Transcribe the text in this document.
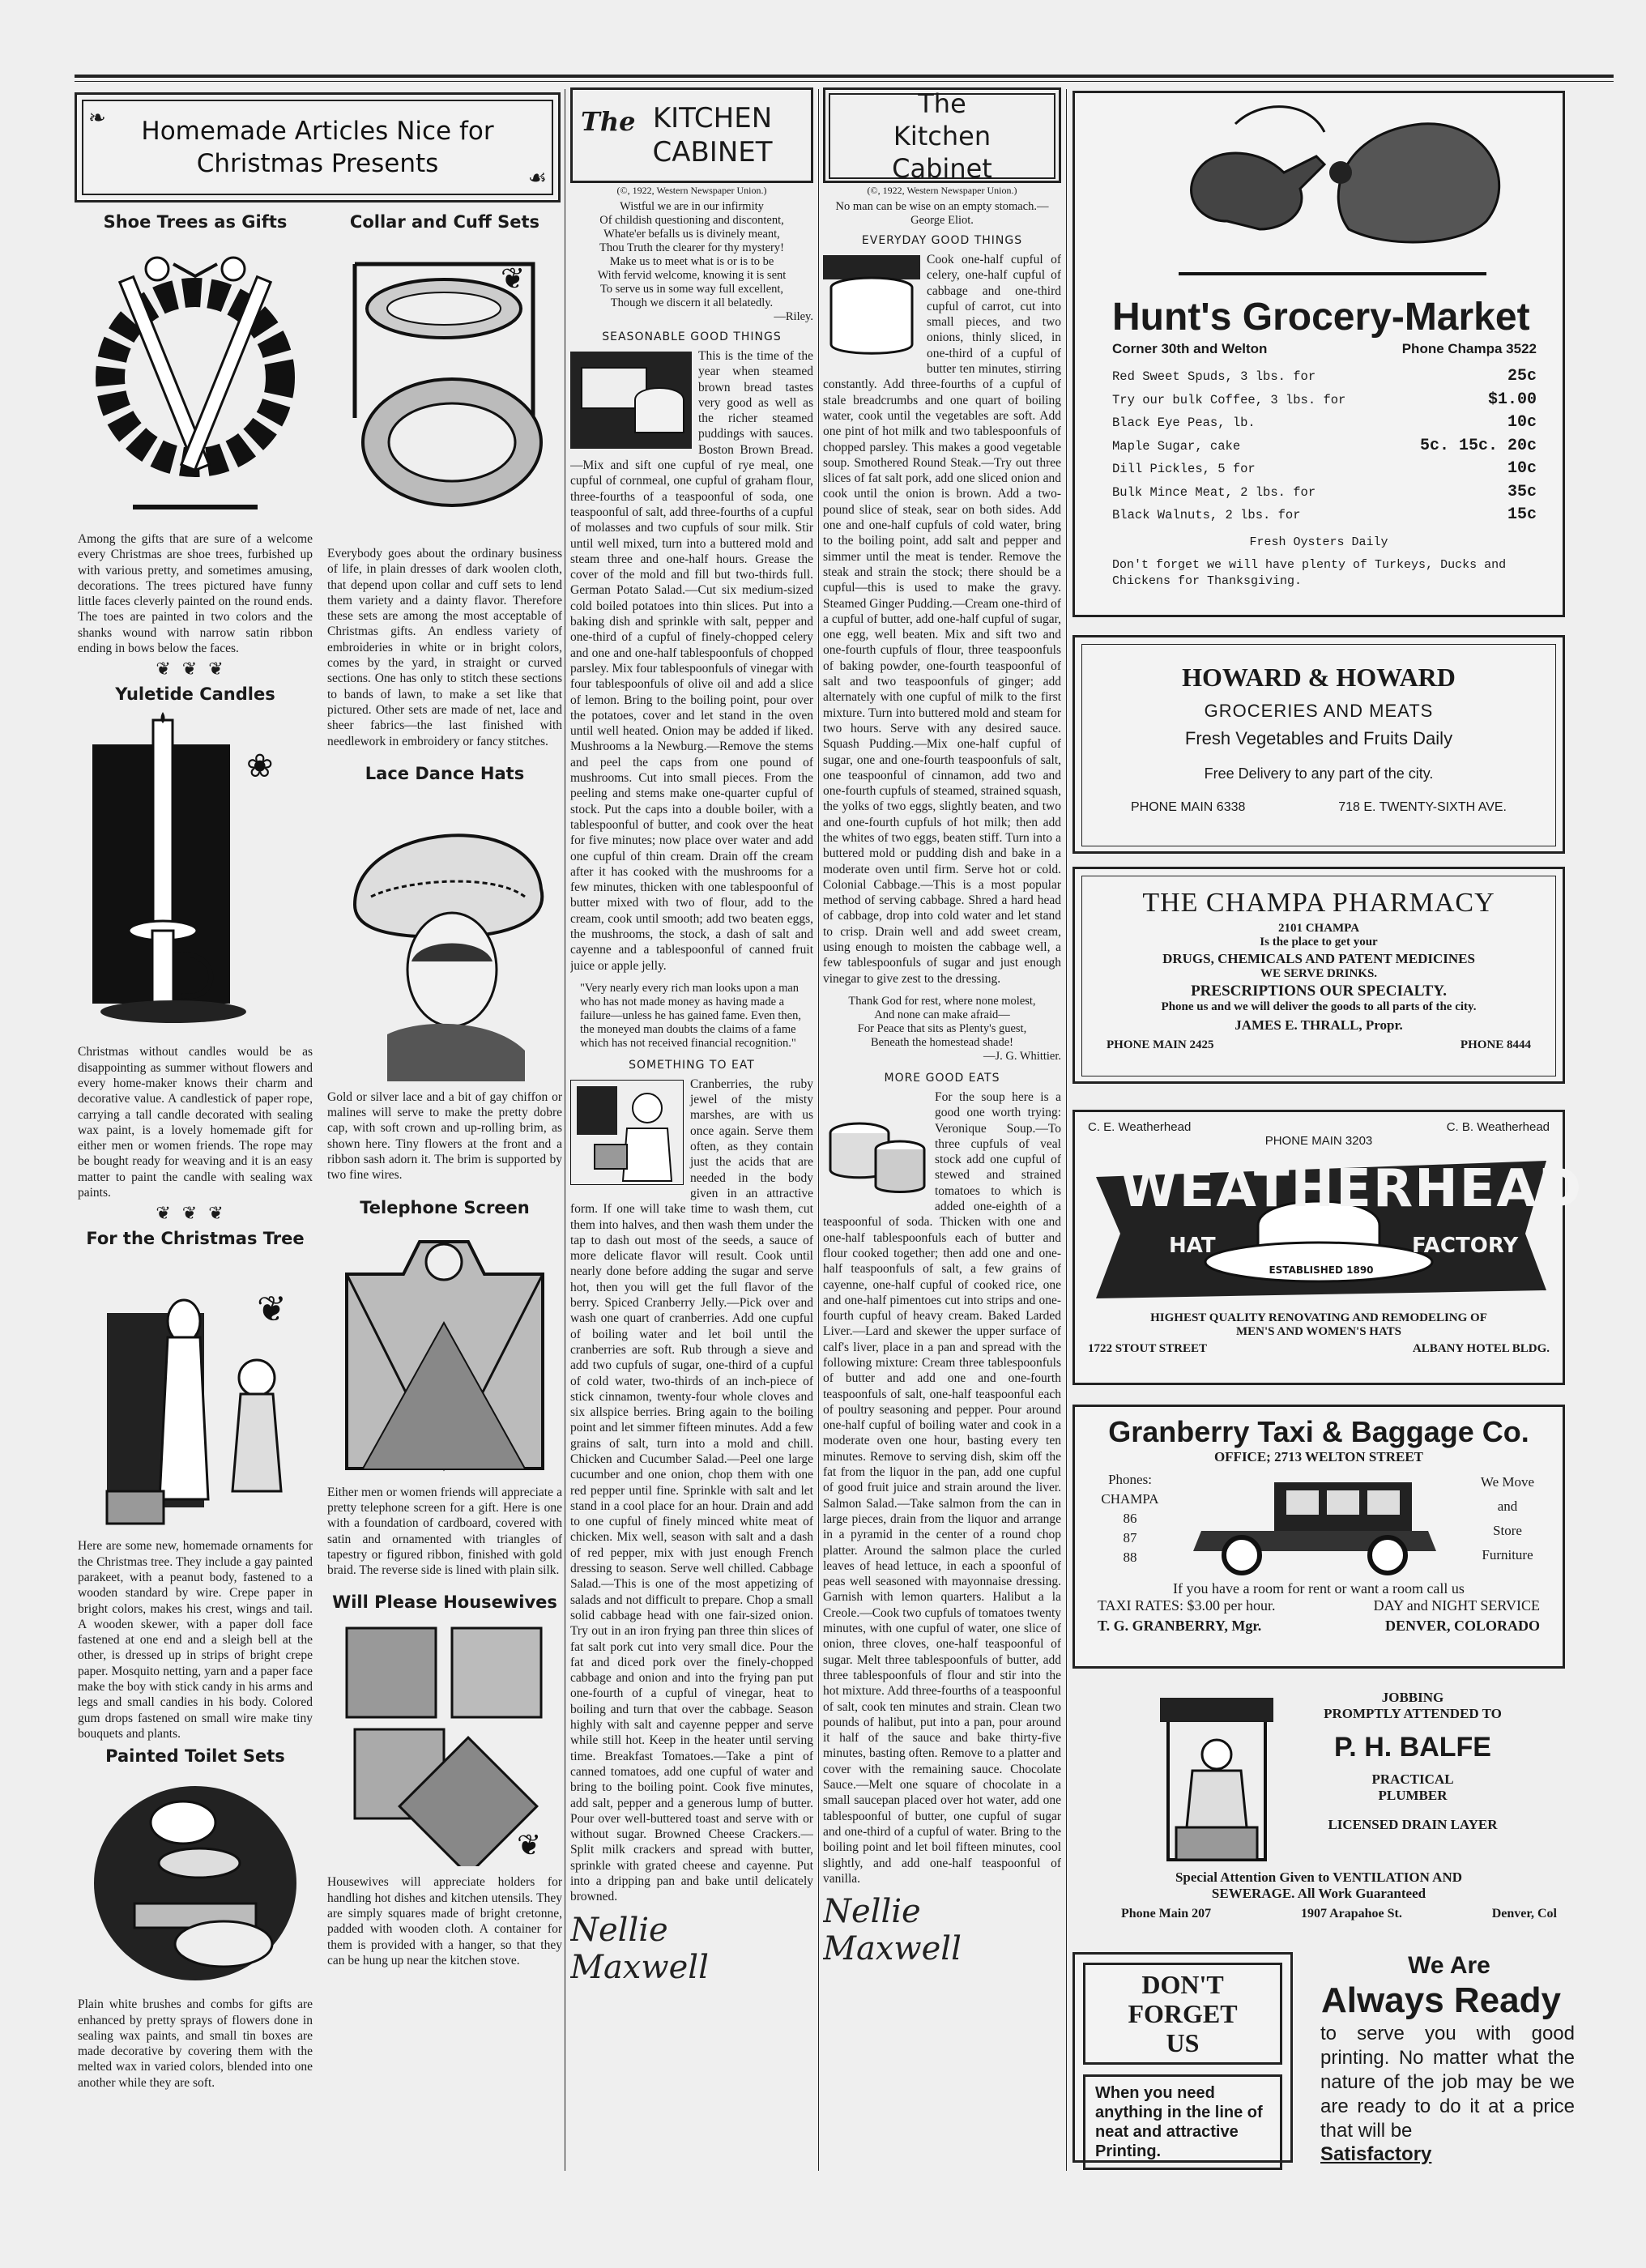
Homemade Articles Nice for Christmas Presents
❧
☙
Shoe Trees as Gifts
Among the gifts that are sure of a welcome every Christmas are shoe trees, furbished up with various pretty, and sometimes amusing, decorations. The trees pictured have funny little faces cleverly painted on the round ends. The toes are painted in two colors and the shanks wound with narrow satin ribbon ending in bows below the faces.
❦❦❦
Yuletide Candles
❀
Christmas without candles would be as disappointing as summer without flowers and every home-maker knows their charm and decorative value. A candlestick of paper rope, carrying a tall candle decorated with sealing wax paint, is a lovely homemade gift for either men or women friends. The rope may be bought ready for weaving and it is an easy matter to paint the candle with sealing wax paints.
❦❦❦
For the Christmas Tree
❦
Here are some new, homemade ornaments for the Christmas tree. They include a gay painted parakeet, with a peanut body, fastened to a wooden standard by wire. Crepe paper in bright colors, makes his crest, wings and tail. A wooden skewer, with a paper doll face fastened at one end and a sleigh bell at the other, is dressed up in strips of bright crepe paper. Mosquito netting, yarn and a paper face make the boy with stick candy in his arms and legs and small candies in his body. Colored gum drops fastened on small wire make tiny bouquets and plants.
Painted Toilet Sets
Plain white brushes and combs for gifts are enhanced by pretty sprays of flowers done in sealing wax paints, and small tin boxes are made decorative by covering them with the melted wax in varied colors, blended into one another while they are soft.
Collar and Cuff Sets
❦
Everybody goes about the ordinary business of life, in plain dresses of dark woolen cloth, that depend upon collar and cuff sets to lend them variety and a dainty flavor. Therefore these sets are among the most acceptable of Christmas gifts. An endless variety of embroideries in white or in bright colors, comes by the yard, in straight or curved sections. One has only to stitch these sections to bands of lawn, to make a set like that pictured. Other sets are made of net, lace and sheer fabrics—the last finished with needlework in embroidery or fancy stitches.
Lace Dance Hats
Gold or silver lace and a bit of gay chiffon or malines will serve to make the pretty dobre cap, with soft crown and up-rolling brim, as shown here. Tiny flowers at the front and a ribbon sash adorn it. The brim is supported by two fine wires.
Telephone Screen
Either men or women friends will appreciate a pretty telephone screen for a gift. Here is one with a foundation of cardboard, covered with satin and ornamented with triangles of tapestry or figured ribbon, finished with gold braid. The reverse side is lined with plain silk.
Will Please Housewives
❦
Housewives will appreciate holders for handling hot dishes and kitchen utensils. They are simply squares made of bright cretonne, padded with wooden cloth. A container for them is provided with a hanger, so that they can be hung up near the kitchen stove.
The KITCHEN CABINET
(©, 1922, Western Newspaper Union.)
Wistful we are in our infirmity
Of childish questioning and discontent,
Whate'er befalls us is divinely meant,
Thou Truth the clearer for thy mystery!
Make us to meet what is or is to be
With fervid welcome, knowing it is sent
To serve us in some way full excellent,
Though we discern it all belatedly.
—Riley.
SEASONABLE GOOD THINGS
This is the time of the year when steamed brown bread tastes very good as well as the richer steamed puddings with sauces. Boston Brown Bread.—Mix and sift one cupful of rye meal, one cupful of cornmeal, one cupful of graham flour, three-fourths of a teaspoonful of soda, one teaspoonful of salt, add three-fourths of a cupful of molasses and two cupfuls of sour milk. Stir until well mixed, turn into a buttered mold and steam three and one-half hours. Grease the cover of the mold and fill but two-thirds full. German Potato Salad.—Cut six medium-sized cold boiled potatoes into thin slices. Put into a baking dish and sprinkle with salt, pepper and one-third of a cupful of finely-chopped celery and one and one-half tablespoonfuls of chopped parsley. Mix four tablespoonfuls of vinegar with four tablespoonfuls of olive oil and add a slice of lemon. Bring to the boiling point, pour over the potatoes, cover and let stand in the oven until well heated. Onion may be added if liked. Mushrooms a la Newburg.—Remove the stems and peel the caps from one pound of mushrooms. Cut into small pieces. From the peeling and stems make one-quarter cupful of stock. Put the caps into a double boiler, with a tablespoonful of butter, and cook over the heat for five minutes; now place over water and add one cupful of thin cream. Drain off the cream after it has cooked with the mushrooms for a few minutes, thicken with one tablespoonful of butter mixed with two of flour, add to the cream, cook until smooth; add two beaten eggs, the mushrooms, the stock, a dash of salt and cayenne and a tablespoonful of canned fruit juice or apple jelly.
"Very nearly every rich man looks upon a man who has not made money as having made a failure—unless he has gained fame. Even then, the moneyed man doubts the claims of a fame which has not received financial recognition."
SOMETHING TO EAT
Cranberries, the ruby jewel of the misty marshes, are with us once again. Serve them often, as they contain just the acids that are needed in the body given in an attractive form. If one will take time to wash them, cut them into halves, and then wash them under the tap to dash out most of the seeds, a sauce of more delicate flavor will result. Cook until nearly done before adding the sugar and serve hot, then you will get the full flavor of the berry. Spiced Cranberry Jelly.—Pick over and wash one quart of cranberries. Add one cupful of boiling water and let boil until the cranberries are soft. Rub through a sieve and add two cupfuls of sugar, one-third of a cupful of cold water, two-thirds of an inch-piece of stick cinnamon, twenty-four whole cloves and six allspice berries. Bring again to the boiling point and let simmer fifteen minutes. Add a few grains of salt, turn into a mold and chill. Chicken and Cucumber Salad.—Peel one large cucumber and one onion, chop them with one red pepper until fine. Sprinkle with salt and let stand in a cool place for an hour. Drain and add to one cupful of finely minced white meat of chicken. Mix well, season with salt and a dash of red pepper, mix with just enough French dressing to season. Serve well chilled. Cabbage Salad.—This is one of the most appetizing of salads and not difficult to prepare. Chop a small solid cabbage head with one fair-sized onion. Try out in an iron frying pan three thin slices of fat salt pork cut into very small dice. Pour the fat and diced pork over the finely-chopped cabbage and onion and into the frying pan put one-fourth of a cupful of vinegar, heat to boiling and turn that over the cabbage. Season highly with salt and cayenne pepper and serve while still hot. Keep in the heater until serving time. Breakfast Tomatoes.—Take a pint of canned tomatoes, add one cupful of water and bring to the boiling point. Cook five minutes, add salt, pepper and a generous lump of butter. Pour over well-buttered toast and serve with or without sugar. Browned Cheese Crackers.—Split milk crackers and spread with butter, sprinkle with grated cheese and cayenne. Put into a dripping pan and bake until delicately browned.
Nellie Maxwell
The Kitchen Cabinet
(©, 1922, Western Newspaper Union.)
No man can be wise on an empty stomach.—George Eliot.
EVERYDAY GOOD THINGS
Cook one-half cupful of celery, one-half cupful of cabbage and one-third cupful of carrot, cut into small pieces, and two onions, thinly sliced, in one-third of a cupful of butter ten minutes, stirring constantly. Add three-fourths of a cupful of stale breadcrumbs and one quart of boiling water, cook until the vegetables are soft. Add one pint of hot milk and two tablespoonfuls of chopped parsley. This makes a good vegetable soup. Smothered Round Steak.—Try out three slices of fat salt pork, add one sliced onion and cook until the onion is brown. Add a two-pound slice of steak, sear on both sides. Add one and one-half cupfuls of cold water, bring to the boiling point, add salt and pepper and simmer until the meat is tender. Remove the steak and strain the stock; there should be a cupful—this is used to make the gravy. Steamed Ginger Pudding.—Cream one-third of a cupful of butter, add one-half cupful of sugar, one egg, well beaten. Mix and sift two and one-fourth cupfuls of flour, three teaspoonfuls of baking powder, one-fourth teaspoonful of salt and two teaspoonfuls of ginger; add alternately with one cupful of milk to the first mixture. Turn into buttered mold and steam for two hours. Serve with any desired sauce. Squash Pudding.—Mix one-half cupful of sugar, one and one-fourth teaspoonfuls of salt, one teaspoonful of cinnamon, add two and one-fourth cupfuls of steamed, strained squash, the yolks of two eggs, slightly beaten, and two and one-fourth cupfuls of hot milk; then add the whites of two eggs, beaten stiff. Turn into a buttered mold or pudding dish and bake in a moderate oven until firm. Serve hot or cold. Colonial Cabbage.—This is a most popular method of serving cabbage. Shred a hard head of cabbage, drop into cold water and let stand to crisp. Drain well and add sweet cream, using enough to moisten the cabbage well, a few tablespoonfuls of sugar and just enough vinegar to give zest to the dressing.
Thank God for rest, where none molest,
And none can make afraid—
For Peace that sits as Plenty's guest,
Beneath the homestead shade!
—J. G. Whittier.
MORE GOOD EATS
For the soup here is a good one worth trying: Veronique Soup.—To three cupfuls of veal stock add one cupful of stewed and strained tomatoes to which is added one-eighth of a teaspoonful of soda. Thicken with one and one-half tablespoonfuls each of butter and flour cooked together; then add one and one-half teaspoonfuls of salt, a few grains of cayenne, one-half cupful of cooked rice, one and one-half pimentoes cut into strips and one-fourth cupful of heavy cream. Baked Larded Liver.—Lard and skewer the upper surface of calf's liver, place in a pan and spread with the following mixture: Cream three tablespoonfuls of butter and add one and one-fourth teaspoonfuls of salt, one-half teaspoonful each of poultry seasoning and pepper. Pour around one-half cupful of boiling water and cook in a moderate oven one hour, basting every ten minutes. Remove to serving dish, skim off the fat from the liquor in the pan, add one cupful of good fruit juice and strain around the liver. Salmon Salad.—Take salmon from the can in large pieces, drain from the liquor and arrange in a pyramid in the center of a round chop platter. Around the salmon place the curled leaves of head lettuce, in each a spoonful of peas well seasoned with mayonnaise dressing. Garnish with lemon quarters. Halibut a la Creole.—Cook two cupfuls of tomatoes twenty minutes, with one cupful of water, one slice of onion, three cloves, one-half teaspoonful of sugar. Melt three tablespoonfuls of butter, add three tablespoonfuls of flour and stir into the hot mixture. Add three-fourths of a teaspoonful of salt, cook ten minutes and strain. Clean two pounds of halibut, put into a pan, pour around it half of the sauce and bake thirty-five minutes, basting often. Remove to a platter and cover with the remaining sauce. Chocolate Sauce.—Melt one square of chocolate in a small saucepan placed over hot water, add one tablespoonful of butter, one cupful of sugar and one-third of a cupful of water. Bring to the boiling point and let boil fifteen minutes, cool slightly, and add one-half teaspoonful of vanilla.
Nellie Maxwell
Hunt's Grocery-Market
Corner 30th and Welton	Phone Champa 3522
Red Sweet Spuds, 3 lbs. for	25c
Try our bulk Coffee, 3 lbs. for	$1.00
Black Eye Peas, lb.	10c
Maple Sugar, cake	5c. 15c. 20c
Dill Pickles, 5 for	10c
Bulk Mince Meat, 2 lbs. for	35c
Black Walnuts, 2 lbs. for	15c
Fresh Oysters Daily
Don't forget we will have plenty of Turkeys, Ducks and Chickens for Thanksgiving.
HOWARD & HOWARD
GROCERIES AND MEATS
Fresh Vegetables and Fruits Daily
Free Delivery to any part of the city.
PHONE MAIN 6338	718 E. TWENTY-SIXTH AVE.
THE CHAMPA PHARMACY
2101 CHAMPA
Is the place to get your
DRUGS, CHEMICALS AND PATENT MEDICINES
WE SERVE DRINKS.
PRESCRIPTIONS OUR SPECIALTY.
Phone us and we will deliver the goods to all parts of the city.
JAMES E. THRALL, Propr.
PHONE MAIN 2425	PHONE 8444
C. E. Weatherhead	C. B. Weatherhead
PHONE MAIN 3203
WEATHERHEAD
HAT	FACTORY
ESTABLISHED 1890
HIGHEST QUALITY RENOVATING AND REMODELING OF
MEN'S AND WOMEN'S HATS
1722 STOUT STREET	ALBANY HOTEL BLDG.
Granberry Taxi & Baggage Co.
OFFICE; 2713 WELTON STREET
Phones:
CHAMPA
86
87
88
We Move
and
Store
Furniture
If you have a room for rent or want a room call us
TAXI RATES: $3.00 per hour.	DAY and NIGHT SERVICE
T. G. GRANBERRY, Mgr.	DENVER, COLORADO
JOBBING
PROMPTLY ATTENDED TO
P. H. BALFE
PRACTICAL
PLUMBER
LICENSED DRAIN LAYER
Special Attention Given to VENTILATION AND
SEWERAGE. All Work Guaranteed
Phone Main 207	1907 Arapahoe St.	Denver, Col
DON'T FORGET
US
When you need anything in the line of neat and attractive Printing.
We Are
Always Ready
to serve you with good printing. No matter what the nature of the job may be we are ready to do it at a price that will be
Satisfactory
